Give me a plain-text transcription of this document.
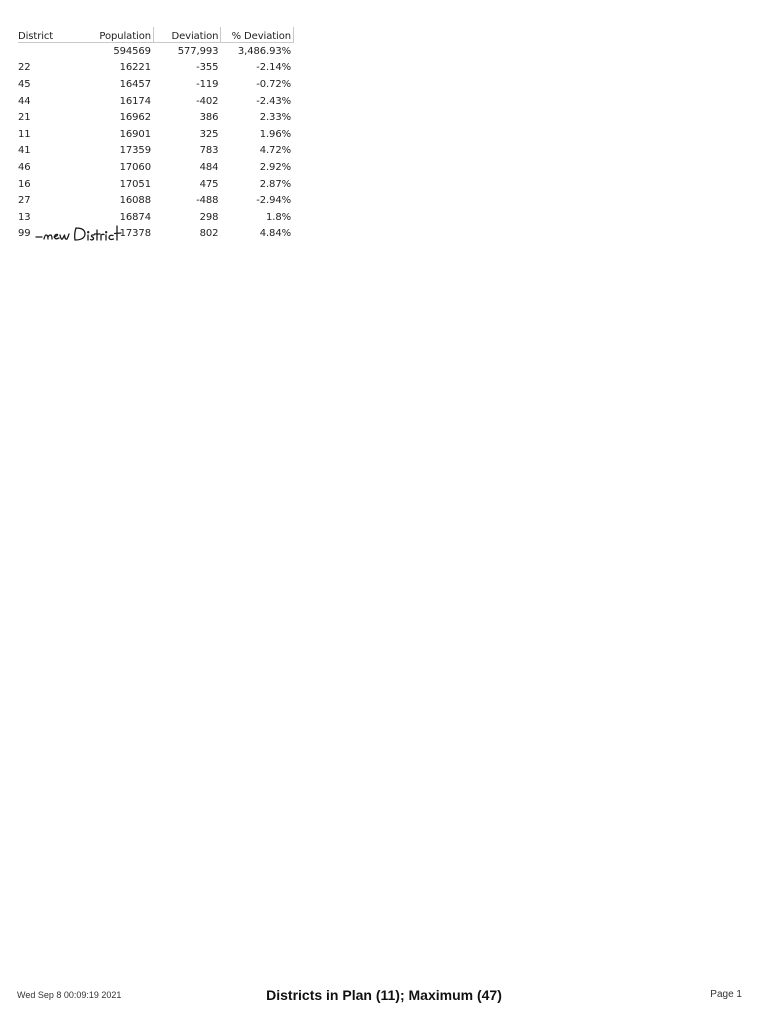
District	Population	Deviation	% Deviation
	594569	577,993	3,486.93%
22	16221	-355	-2.14%
45	16457	-119	-0.72%
44	16174	-402	-2.43%
21	16962	386	2.33%
11	16901	325	1.96%
41	17359	783	4.72%
46	17060	484	2.92%
16	17051	475	2.87%
27	16088	-488	-2.94%
13	16874	298	1.8%
99	17378	802	4.84%
Wed Sep 8 00:09:19 2021	Districts in Plan (11); Maximum (47)	Page 1
